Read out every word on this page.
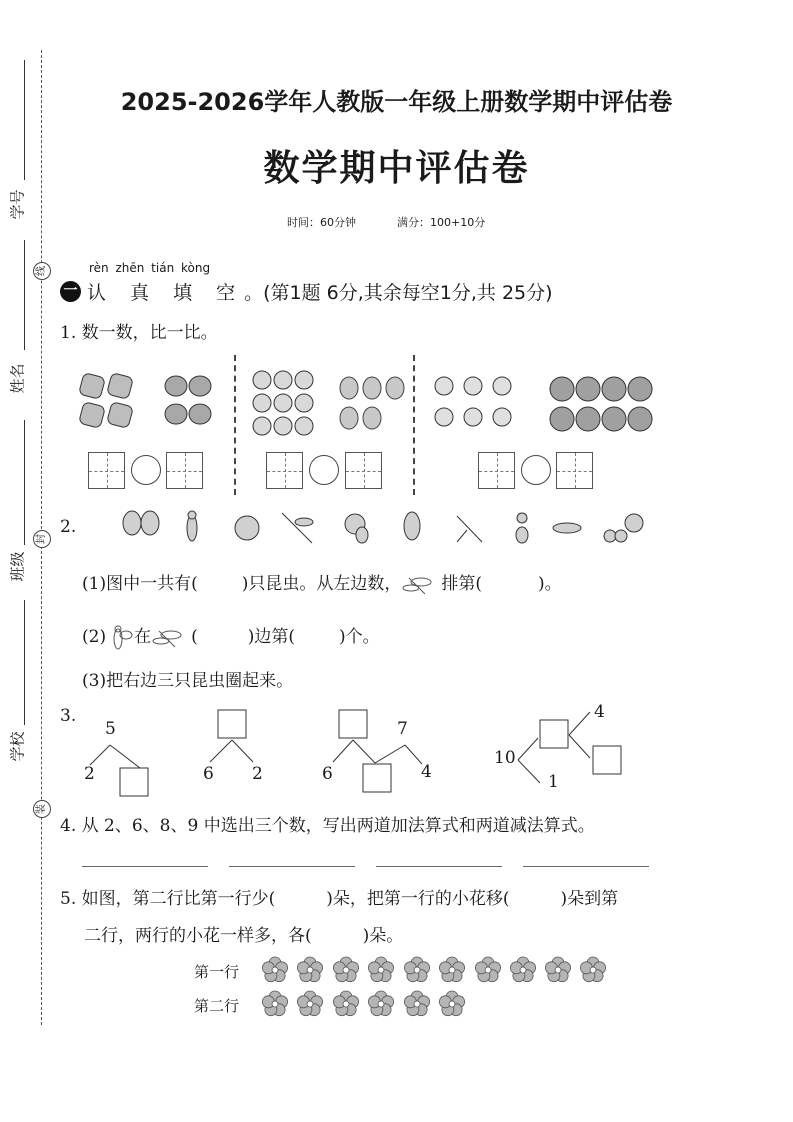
学号
姓名
班级
学校
线
封
装
2025-2026学年人教版一年级上册数学期中评估卷
数学期中评估卷
时间：60分钟	满分：100+10分
rèn zhēn tián kòng
一 认 真 填 空 。(第1题 6分,其余每空1分,共 25分)
1. 数一数，比一比。
2.
(1)图中一共有(	)只昆虫。从左边数， 排第(	)。
(2) 在 (	)边第(	)个。
(3)把右边三只昆虫圈起来。
3.
5
2	6 2	6
7
4
10
4
1
4. 从 2、6、8、9 中选出三个数，写出两道加法算式和两道减法算式。
5. 如图，第二行比第一行少(　　　)朵，把第一行的小花移(　　　)朵到第
二行，两行的小花一样多，各(　　　)朵。
第一行
第二行
